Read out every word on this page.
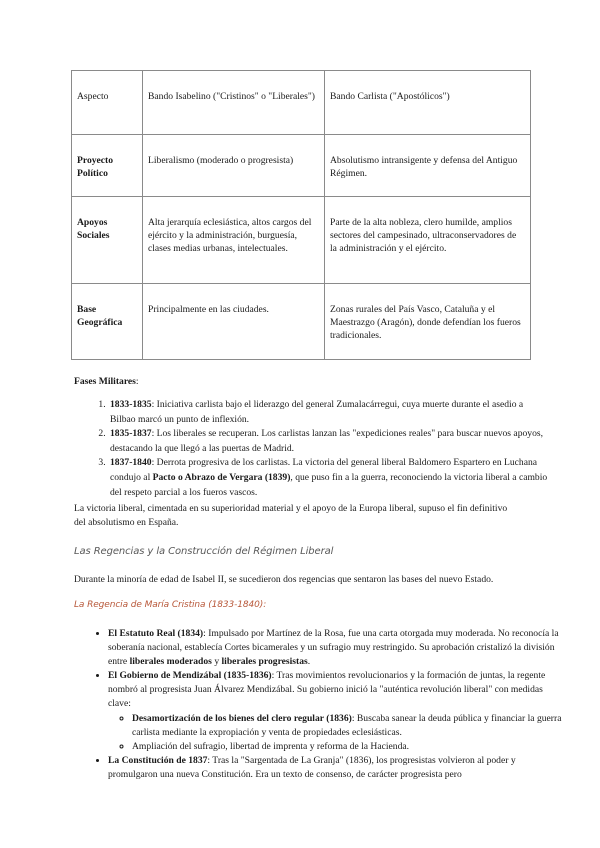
Aspecto	Bando Isabelino ("Cristinos" o "Liberales")	Bando Carlista ("Apostólicos")
Proyecto Político	Liberalismo (moderado o progresista)	Absolutismo intransigente y defensa del Antiguo Régimen.
Apoyos Sociales	Alta jerarquía eclesiástica, altos cargos del ejército y la administración, burguesía, clases medias urbanas, intelectuales.	Parte de la alta nobleza, clero humilde, amplios sectores del campesinado, ultraconservadores de la administración y el ejército.
Base Geográfica	Principalmente en las ciudades.	Zonas rurales del País Vasco, Cataluña y el Maestrazgo (Aragón), donde defendían los fueros tradicionales.
Fases Militares:
1. 1833-1835: Iniciativa carlista bajo el liderazgo del general Zumalacárregui, cuya muerte durante el asedio a Bilbao marcó un punto de inflexión.
2. 1835-1837: Los liberales se recuperan. Los carlistas lanzan las "expediciones reales" para buscar nuevos apoyos, destacando la que llegó a las puertas de Madrid.
3. 1837-1840: Derrota progresiva de los carlistas. La victoria del general liberal Baldomero Espartero en Luchana condujo al Pacto o Abrazo de Vergara (1839), que puso fin a la guerra, reconociendo la victoria liberal a cambio del respeto parcial a los fueros vascos.
La victoria liberal, cimentada en su superioridad material y el apoyo de la Europa liberal, supuso el fin definitivo del absolutismo en España.
Las Regencias y la Construcción del Régimen Liberal
Durante la minoría de edad de Isabel II, se sucedieron dos regencias que sentaron las bases del nuevo Estado.
La Regencia de María Cristina (1833-1840):
• El Estatuto Real (1834): Impulsado por Martínez de la Rosa, fue una carta otorgada muy moderada. No reconocía la soberanía nacional, establecía Cortes bicamerales y un sufragio muy restringido. Su aprobación cristalizó la división entre liberales moderados y liberales progresistas.
• El Gobierno de Mendizábal (1835-1836): Tras movimientos revolucionarios y la formación de juntas, la regente nombró al progresista Juan Álvarez Mendizábal. Su gobierno inició la "auténtica revolución liberal" con medidas clave:
◦ Desamortización de los bienes del clero regular (1836): Buscaba sanear la deuda pública y financiar la guerra carlista mediante la expropiación y venta de propiedades eclesiásticas.
◦ Ampliación del sufragio, libertad de imprenta y reforma de la Hacienda.
• La Constitución de 1837: Tras la "Sargentada de La Granja" (1836), los progresistas volvieron al poder y promulgaron una nueva Constitución. Era un texto de consenso, de carácter progresista pero
